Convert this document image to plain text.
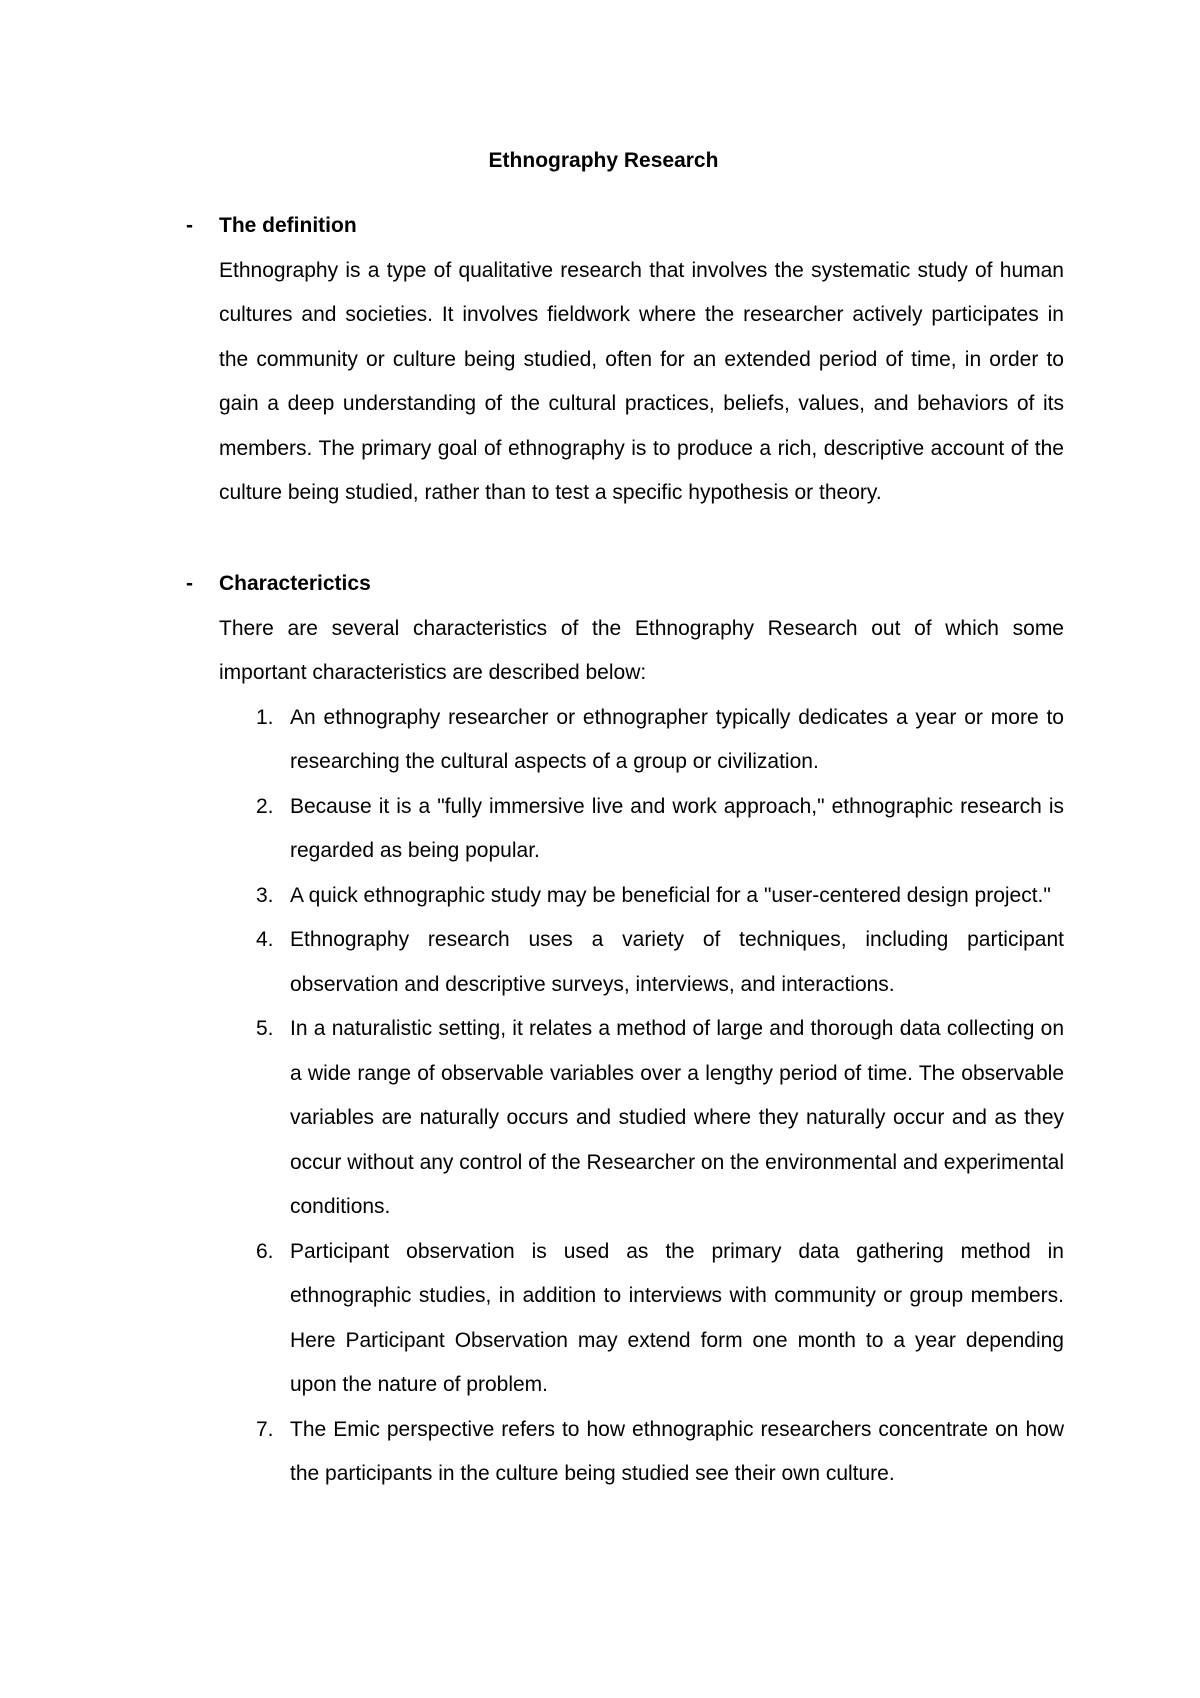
Ethnography Research
- The definition

Ethnography is a type of qualitative research that involves the systematic study of human cultures and societies. It involves fieldwork where the researcher actively participates in the community or culture being studied, often for an extended period of time, in order to gain a deep understanding of the cultural practices, beliefs, values, and behaviors of its members. The primary goal of ethnography is to produce a rich, descriptive account of the culture being studied, rather than to test a specific hypothesis or theory.

- Characterictics

There are several characteristics of the Ethnography Research out of which some important characteristics are described below:

1. An ethnography researcher or ethnographer typically dedicates a year or more to researching the cultural aspects of a group or civilization.
2. Because it is a "fully immersive live and work approach," ethnographic research is regarded as being popular.
3. A quick ethnographic study may be beneficial for a "user-centered design project."
4. Ethnography research uses a variety of techniques, including participant observation and descriptive surveys, interviews, and interactions.
5. In a naturalistic setting, it relates a method of large and thorough data collecting on a wide range of observable variables over a lengthy period of time. The observable variables are naturally occurs and studied where they naturally occur and as they occur without any control of the Researcher on the environmental and experimental conditions.
6. Participant observation is used as the primary data gathering method in ethnographic studies, in addition to interviews with community or group members. Here Participant Observation may extend form one month to a year depending upon the nature of problem.
7. The Emic perspective refers to how ethnographic researchers concentrate on how the participants in the culture being studied see their own culture.
